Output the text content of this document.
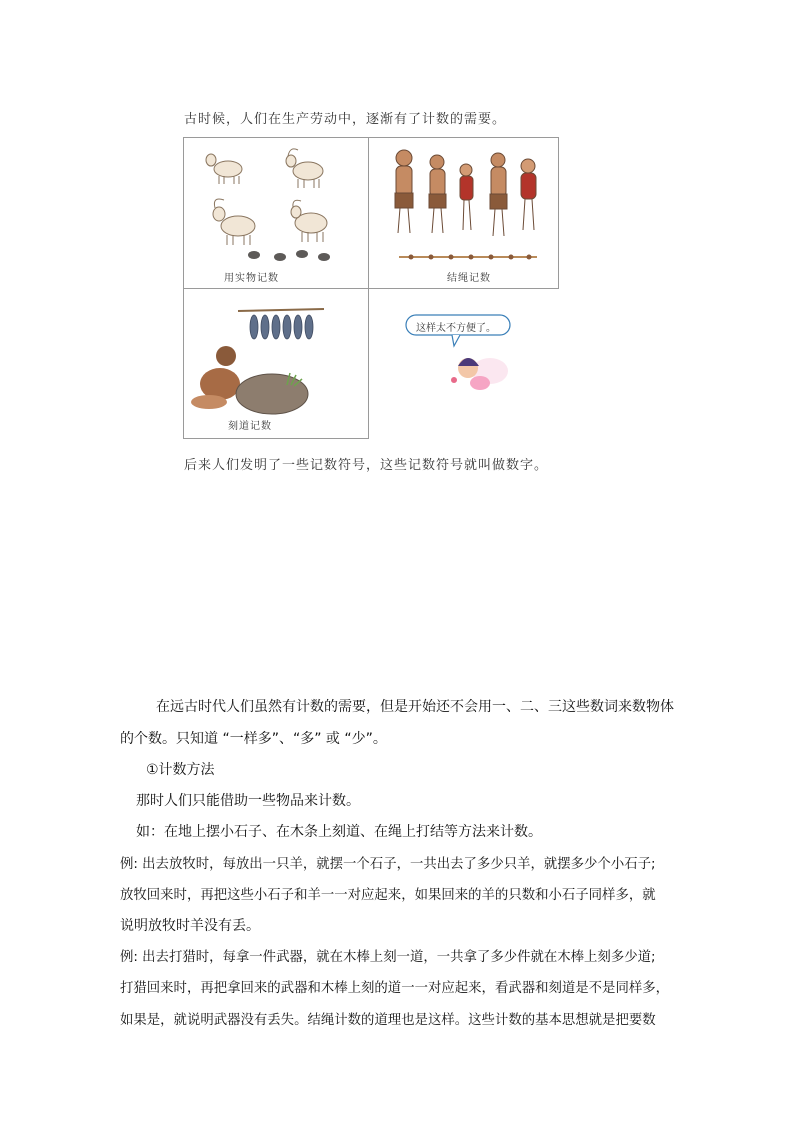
古时候，人们在生产劳动中，逐渐有了计数的需要。
用实物记数	结绳记数
刻道记数
这样太不方便了。
后来人们发明了一些记数符号，这些记数符号就叫做数字。
在远古时代人们虽然有计数的需要，但是开始还不会用一、二、三这些数词来数物体
的个数。只知道 “一样多”、“多” 或 “少”。
①计数方法
那时人们只能借助一些物品来计数。
如：在地上摆小石子、在木条上刻道、在绳上打结等方法来计数。
例: 出去放牧时，每放出一只羊，就摆一个石子，一共出去了多少只羊，就摆多少个小石子;
放牧回来时，再把这些小石子和羊一一对应起来，如果回来的羊的只数和小石子同样多，就
说明放牧时羊没有丢。
例: 出去打猎时，每拿一件武器，就在木棒上刻一道，一共拿了多少件就在木棒上刻多少道;
打猎回来时，再把拿回来的武器和木棒上刻的道一一对应起来，看武器和刻道是不是同样多，
如果是，就说明武器没有丢失。结绳计数的道理也是这样。这些计数的基本思想就是把要数
